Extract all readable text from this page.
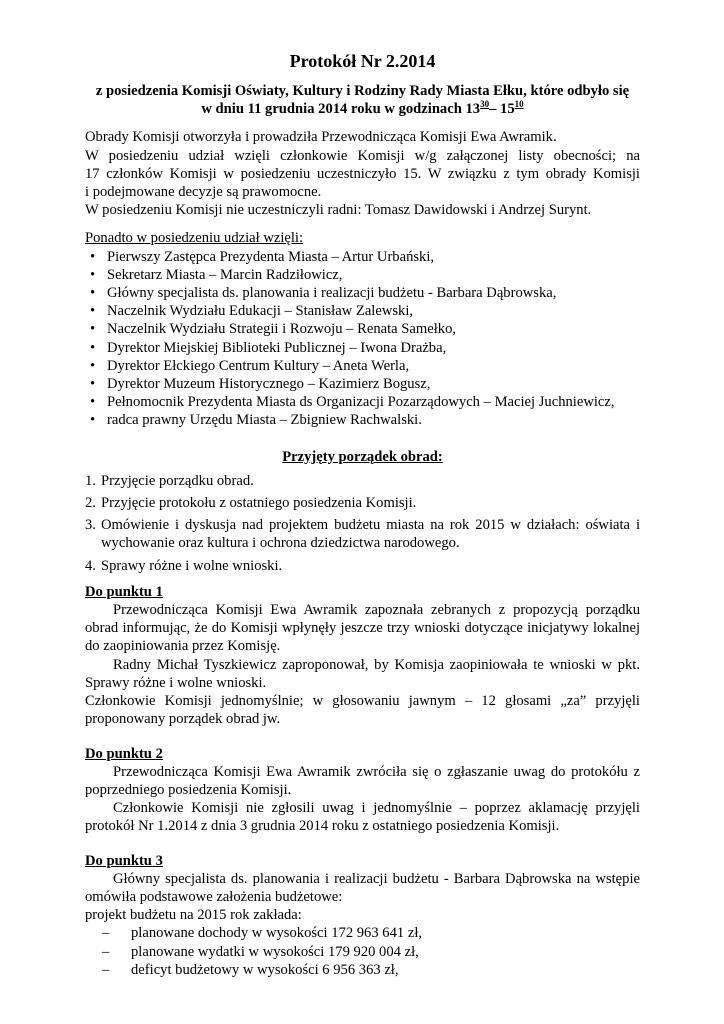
Protokół Nr 2.2014
z posiedzenia Komisji Oświaty, Kultury i Rodziny Rady Miasta Ełku, które odbyło się
w dniu 11 grudnia 2014 roku w godzinach $13^{30}-$ $15^{10}$

Obrady Komisji otworzyła i prowadziła Przewodnicząca Komisji Ewa Awramik.

W posiedzeniu udział wzięli członkowie Komisji w/g załączonej listy obecności; na

17 członków Komisji w posiedzeniu uczestniczyło 15. W związku z tym obrady Komisji

i podejmowane decyzje są prawomocne.

W posiedzeniu Komisji nie uczestniczyli radni: Tomasz Dawidowski i Andrzej Surynt.

Ponadto w posiedzeniu udział wzięli:

• Pierwszy Zastępca Prezydenta Miasta – Artur Urbański,
• Sekretarz Miasta – Marcin Radziłowicz,
• Główny specjalista ds. planowania i realizacji budżetu - Barbara Dąbrowska,
• Naczelnik Wydziału Edukacji – Stanisław Zalewski,
• Naczelnik Wydziału Strategii i Rozwoju – Renata Samełko,
• Dyrektor Miejskiej Biblioteki Publicznej – Iwona Drażba,
• Dyrektor Ełckiego Centrum Kultury – Aneta Werla,
• Dyrektor Muzeum Historycznego – Kazimierz Bogusz,
• Pełnomocnik Prezydenta Miasta ds Organizacji Pozarządowych – Maciej Juchniewicz,
• radca prawny Urzędu Miasta – Zbigniew Rachwalski.
Przyjęty porządek obrad:
1. Przyjęcie porządku obrad.
2. Przyjęcie protokołu z ostatniego posiedzenia Komisji.
3. Omówienie i dyskusja nad projektem budżetu miasta na rok 2015 w działach: oświata i wychowanie oraz kultura i ochrona dziedzictwa narodowego.
4. Sprawy różne i wolne wnioski.

Do punktu 1

Przewodnicząca Komisji Ewa Awramik zapoznała zebranych z propozycją porządku obrad informując, że do Komisji wpłynęły jeszcze trzy wnioski dotyczące inicjatywy lokalnej do zaopiniowania przez Komisję.

Radny Michał Tyszkiewicz zaproponował, by Komisja zaopiniowała te wnioski w pkt. Sprawy różne i wolne wnioski.

Członkowie Komisji jednomyślnie; w głosowaniu jawnym – 12 głosami „za” przyjęli proponowany porządek obrad jw.

Do punktu 2

Przewodnicząca Komisji Ewa Awramik zwróciła się o zgłaszanie uwag do protokółu z poprzedniego posiedzenia Komisji.

Członkowie Komisji nie zgłosili uwag i jednomyślnie – poprzez aklamację przyjęli protokół Nr 1.2014 z dnia 3 grudnia 2014 roku z ostatniego posiedzenia Komisji.

Do punktu 3

Główny specjalista ds. planowania i realizacji budżetu - Barbara Dąbrowska na wstępie omówiła podstawowe założenia budżetowe:

projekt budżetu na 2015 rok zakłada:

– planowane dochody w wysokości 172 963 641 zł,
– planowane wydatki w wysokości 179 920 004 zł,
– deficyt budżetowy w wysokości 6 956 363 zł,
